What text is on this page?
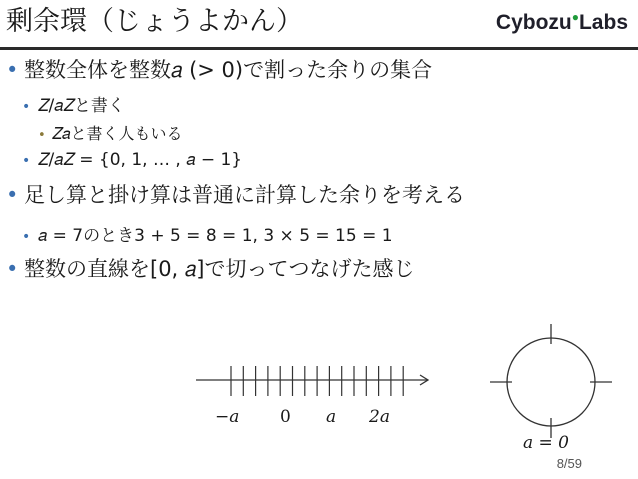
剰余環（じょうよかん）	Cybozu●Labs
• 整数全体を整数𝑎 (> 0)で割った余りの集合
• 𝑍/𝑎𝑍と書く
• 𝑍𝑎と書く人もいる
• 𝑍/𝑎𝑍 = {0, 1, … , 𝑎 − 1}
• 足し算と掛け算は普通に計算した余りを考える
• 𝑎 = 7のとき3 + 5 = 8 = 1, 3 × 5 = 15 = 1
• 整数の直線を[0, 𝑎]で切ってつなげた感じ
−𝑎 0 𝑎 2𝑎
𝑎 = 0
8/59
